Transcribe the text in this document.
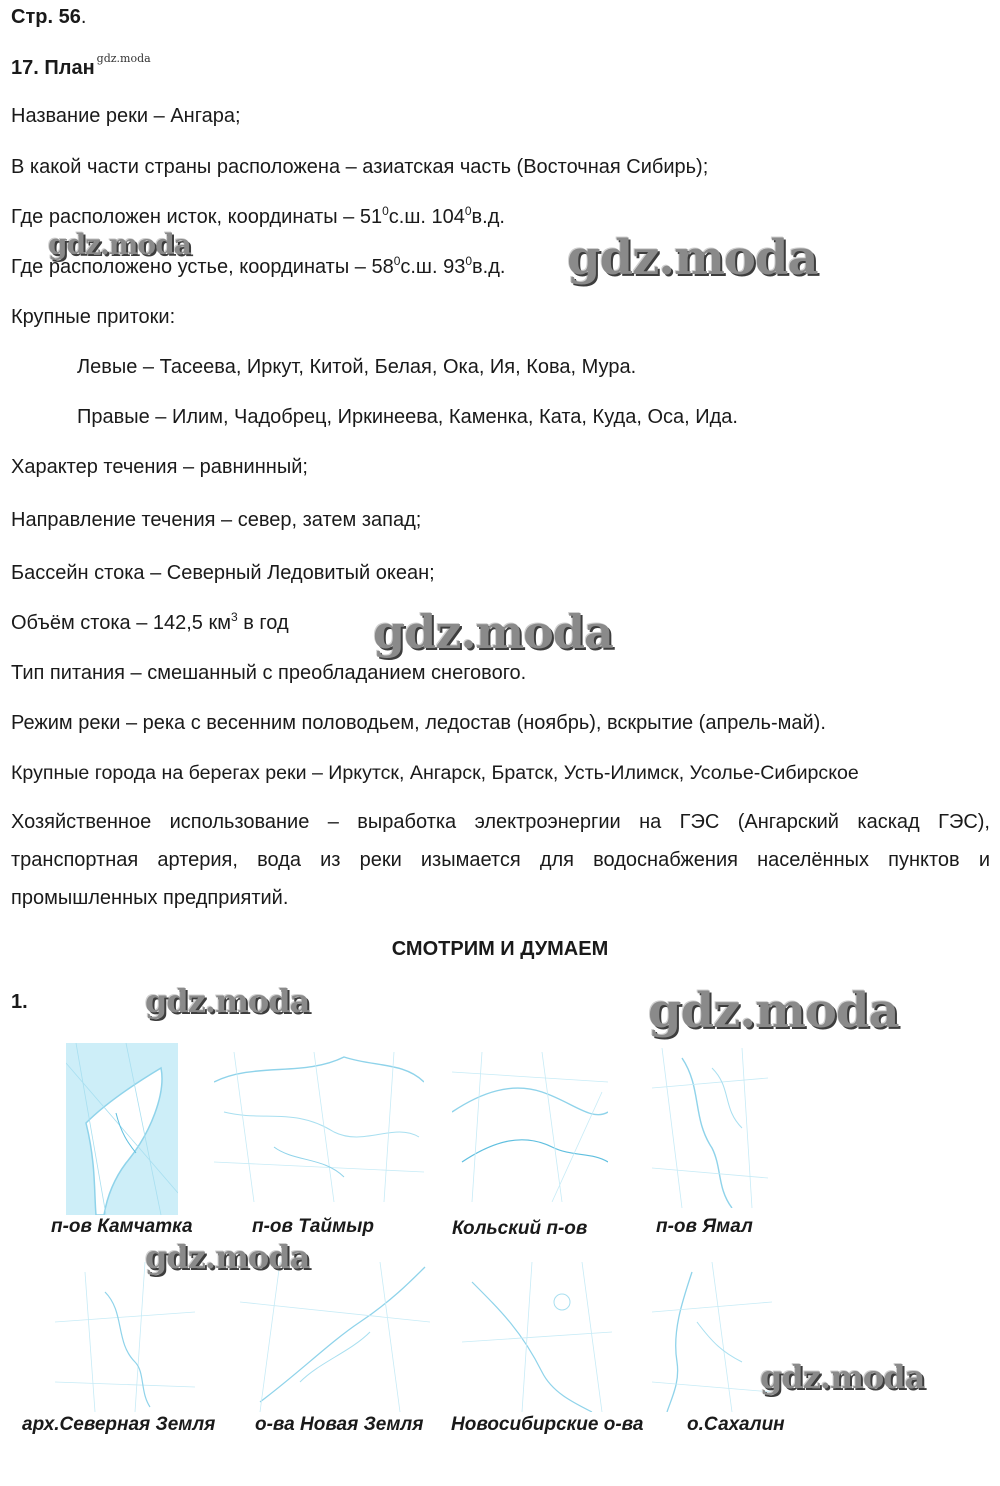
Стр. 56.
17. План $^{gdz.moda}$
Название реки – Ангара;
В какой части страны расположена – азиатская часть (Восточная Сибирь);
Где расположен исток, координаты – $51^0с.ш$. $104^0в.д$.
Где расположено устье, координаты – $58^0с.ш$. $93^0в.д$.
Крупные притоки:
Левые – Тасеева, Иркут, Китой, Белая, Ока, Ия, Кова, Мура.
Правые – Илим, Чадобрец, Иркинеева, Каменка, Ката, Куда, Оса, Ида.
Характер течения – равнинный;
Направление течения – север, затем запад;
Бассейн стока – Северный Ледовитый океан;
Объём стока – 142,5 $км^3$ в год
Тип питания – смешанный с преобладанием снегового.
Режим реки – река с весенним половодьем, ледостав (ноябрь), вскрытие (апрель-май).
Крупные города на берегах реки – Иркутск, Ангарск, Братск, Усть-Илимск, Усолье-Сибирское
Хозяйственное использование – выработка электроэнергии на ГЭС (Ангарский каскад ГЭС), транспортная артерия, вода из реки изымается для водоснабжения населённых пунктов и промышленных предприятий.
СМОТРИМ И ДУМАЕМ
1.
п-ов Камчатка	п-ов Таймыр	Кольский п-ов	п-ов Ямал
арх.Северная Земля о-ва Новая Земля Новосибирские о-ва о.Сахалин
gdz.moda	gdz.moda
gdz.moda
gdz.moda	gdz.moda
gdz.moda
gdz.moda
